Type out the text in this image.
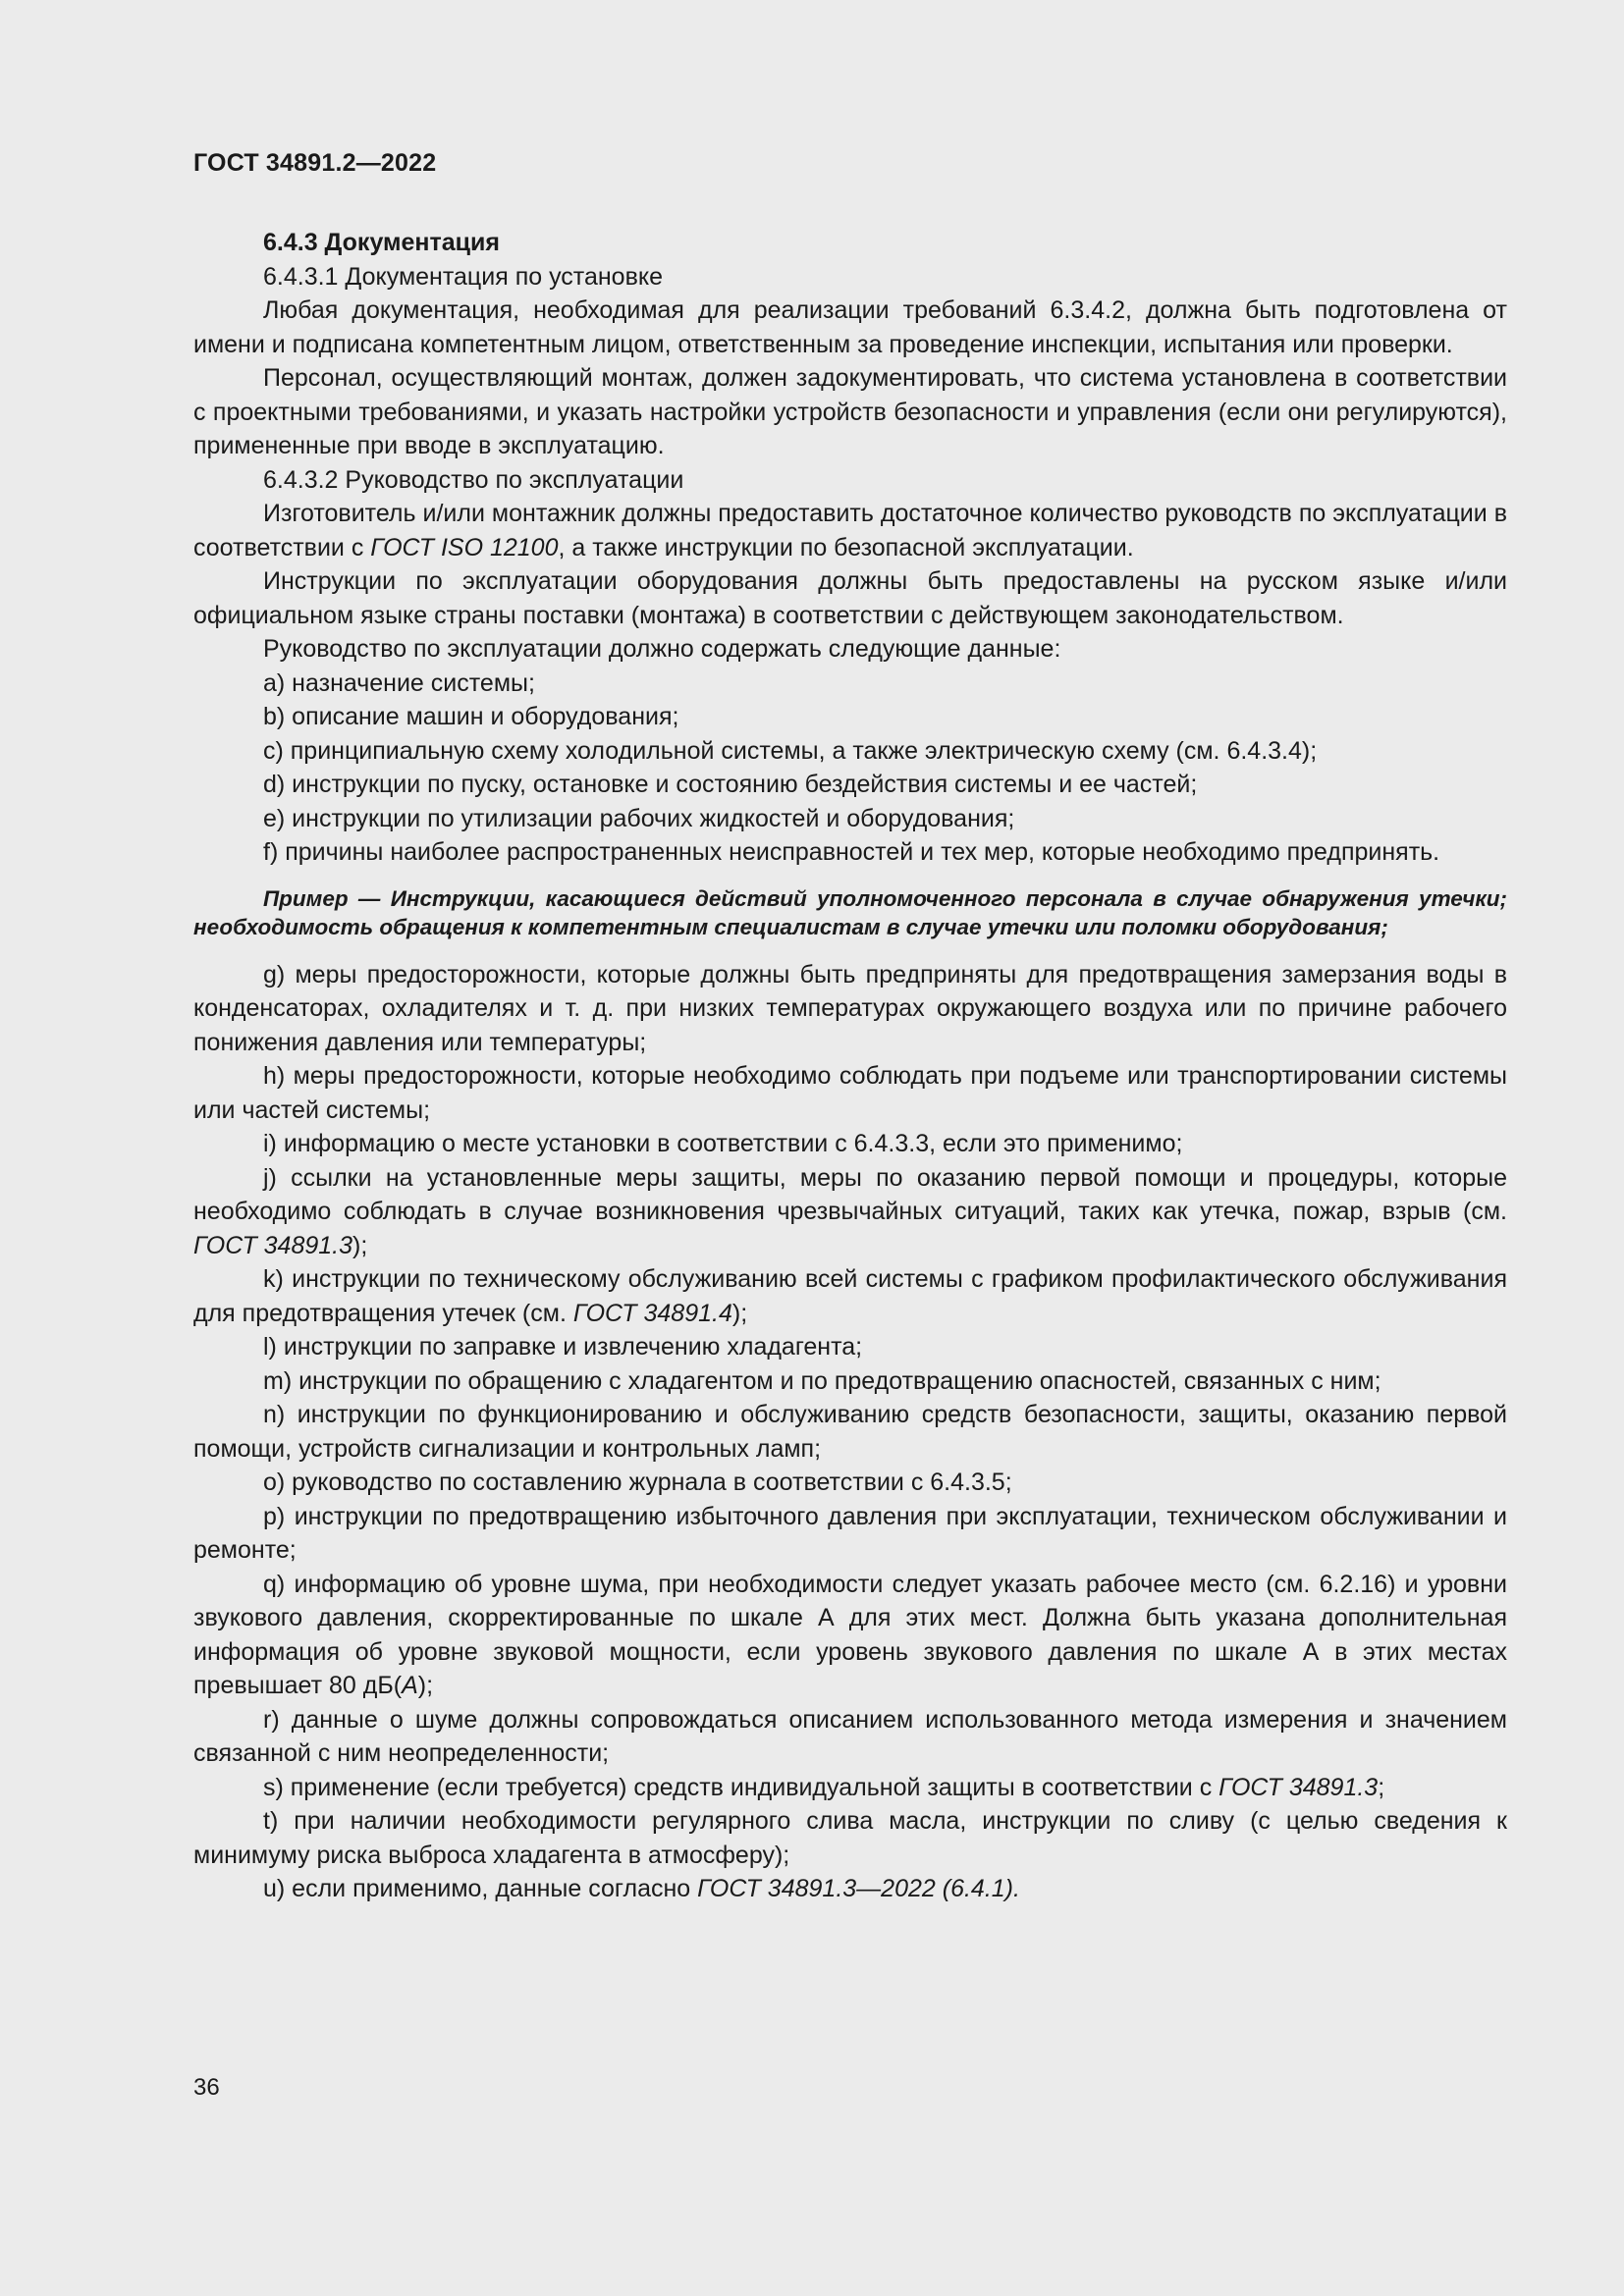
ГОСТ 34891.2—2022

6.4.3 Документация

6.4.3.1 Документация по установке

Любая документация, необходимая для реализации требований 6.3.4.2, должна быть подготовлена от имени и подписана компетентным лицом, ответственным за проведение инспекции, испытания или проверки.

Персонал, осуществляющий монтаж, должен задокументировать, что система установлена в соответствии с проектными требованиями, и указать настройки устройств безопасности и управления (если они регулируются), примененные при вводе в эксплуатацию.

6.4.3.2 Руководство по эксплуатации

Изготовитель и/или монтажник должны предоставить достаточное количество руководств по эксплуатации в соответствии с ГОСТ ISO 12100, а также инструкции по безопасной эксплуатации.

Инструкции по эксплуатации оборудования должны быть предоставлены на русском языке и/или официальном языке страны поставки (монтажа) в соответствии с действующем законодательством.

Руководство по эксплуатации должно содержать следующие данные:

а) назначение системы;

b) описание машин и оборудования;

c) принципиальную схему холодильной системы, а также электрическую схему (см. 6.4.3.4);

d) инструкции по пуску, остановке и состоянию бездействия системы и ее частей;

e) инструкции по утилизации рабочих жидкостей и оборудования;

f) причины наиболее распространенных неисправностей и тех мер, которые необходимо предпринять.

Пример — Инструкции, касающиеся действий уполномоченного персонала в случае обнаружения утечки; необходимость обращения к компетентным специалистам в случае утечки или поломки оборудования;

g) меры предосторожности, которые должны быть предприняты для предотвращения замерзания воды в конденсаторах, охладителях и т. д. при низких температурах окружающего воздуха или по причине рабочего понижения давления или температуры;

h) меры предосторожности, которые необходимо соблюдать при подъеме или транспортировании системы или частей системы;

i) информацию о месте установки в соответствии с 6.4.3.3, если это применимо;

j) ссылки на установленные меры защиты, меры по оказанию первой помощи и процедуры, которые необходимо соблюдать в случае возникновения чрезвычайных ситуаций, таких как утечка, пожар, взрыв (см. ГОСТ 34891.3);

k) инструкции по техническому обслуживанию всей системы с графиком профилактического обслуживания для предотвращения утечек (см. ГОСТ 34891.4);

l) инструкции по заправке и извлечению хладагента;

m) инструкции по обращению с хладагентом и по предотвращению опасностей, связанных с ним;

n) инструкции по функционированию и обслуживанию средств безопасности, защиты, оказанию первой помощи, устройств сигнализации и контрольных ламп;

o) руководство по составлению журнала в соответствии с 6.4.3.5;

p) инструкции по предотвращению избыточного давления при эксплуатации, техническом обслуживании и ремонте;

q) информацию об уровне шума, при необходимости следует указать рабочее место (см. 6.2.16) и уровни звукового давления, скорректированные по шкале А для этих мест. Должна быть указана дополнительная информация об уровне звуковой мощности, если уровень звукового давления по шкале А в этих местах превышает 80 дБ(A);

r) данные о шуме должны сопровождаться описанием использованного метода измерения и значением связанной с ним неопределенности;

s) применение (если требуется) средств индивидуальной защиты в соответствии с ГОСТ 34891.3;

t) при наличии необходимости регулярного слива масла, инструкции по сливу (с целью сведения к минимуму риска выброса хладагента в атмосферу);

u) если применимо, данные согласно ГОСТ 34891.3—2022 (6.4.1).

36
